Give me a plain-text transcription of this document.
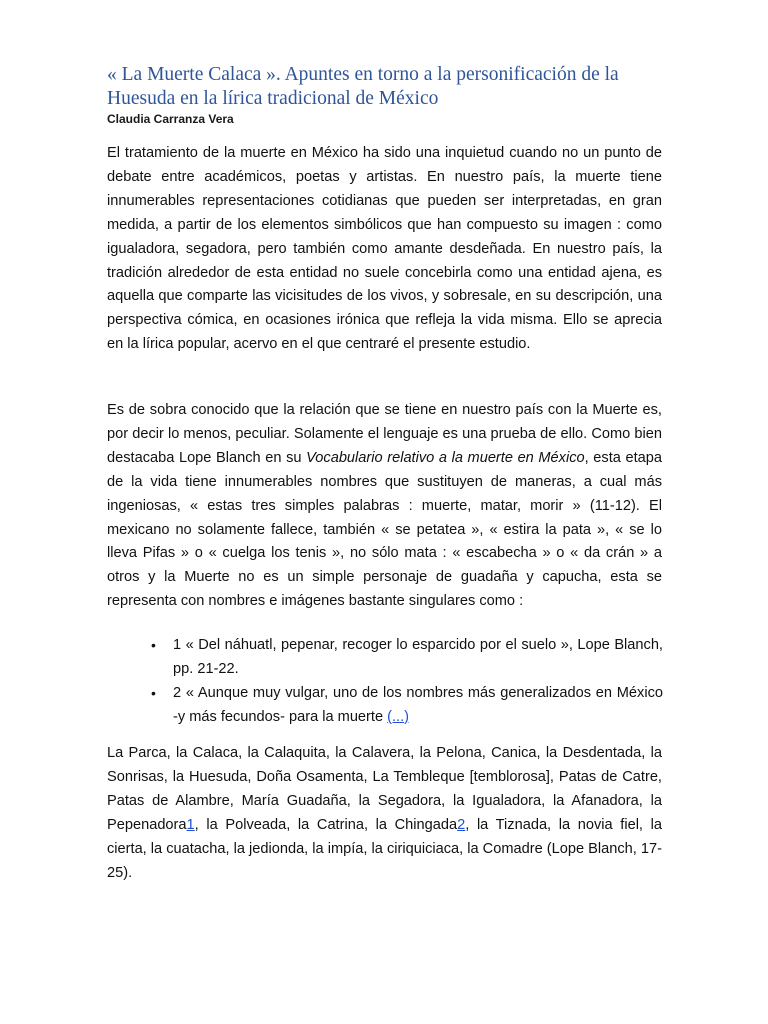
« La Muerte Calaca ». Apuntes en torno a la personificación de la Huesuda en la lírica tradicional de México
Claudia Carranza Vera

El tratamiento de la muerte en México ha sido una inquietud cuando no un punto de debate entre académicos, poetas y artistas. En nuestro país, la muerte tiene innumerables representaciones cotidianas que pueden ser interpretadas, en gran medida, a partir de los elementos simbólicos que han compuesto su imagen : como igualadora, segadora, pero también como amante desdeñada. En nuestro país, la tradición alrededor de esta entidad no suele concebirla como una entidad ajena, es aquella que comparte las vicisitudes de los vivos, y sobresale, en su descripción, una perspectiva cómica, en ocasiones irónica que refleja la vida misma. Ello se aprecia en la lírica popular, acervo en el que centraré el presente estudio.

Es de sobra conocido que la relación que se tiene en nuestro país con la Muerte es, por decir lo menos, peculiar. Solamente el lenguaje es una prueba de ello. Como bien destacaba Lope Blanch en su Vocabulario relativo a la muerte en México, esta etapa de la vida tiene innumerables nombres que sustituyen de maneras, a cual más ingeniosas, « estas tres simples palabras : muerte, matar, morir » (11-12). El mexicano no solamente fallece, también « se petatea », « estira la pata », « se lo lleva Pifas » o « cuelga los tenis », no sólo mata : « escabecha » o « da crán » a otros y la Muerte no es un simple personaje de guadaña y capucha, esta se representa con nombres e imágenes bastante singulares como :

• 1 « Del náhuatl, pepenar, recoger lo esparcido por el suelo », Lope Blanch, pp. 21-22.
• 2 « Aunque muy vulgar, uno de los nombres más generalizados en México -y más fecundos- para la muerte (...)

La Parca, la Calaca, la Calaquita, la Calavera, la Pelona, Canica, la Desdentada, la Sonrisas, la Huesuda, Doña Osamenta, La Tembleque [temblorosa], Patas de Catre, Patas de Alambre, María Guadaña, la Segadora, la Igualadora, la Afanadora, la Pepenadora1, la Polveada, la Catrina, la Chingada2, la Tiznada, la novia fiel, la cierta, la cuatacha, la jedionda, la impía, la ciriquiciaca, la Comadre (Lope Blanch, 17-25).
